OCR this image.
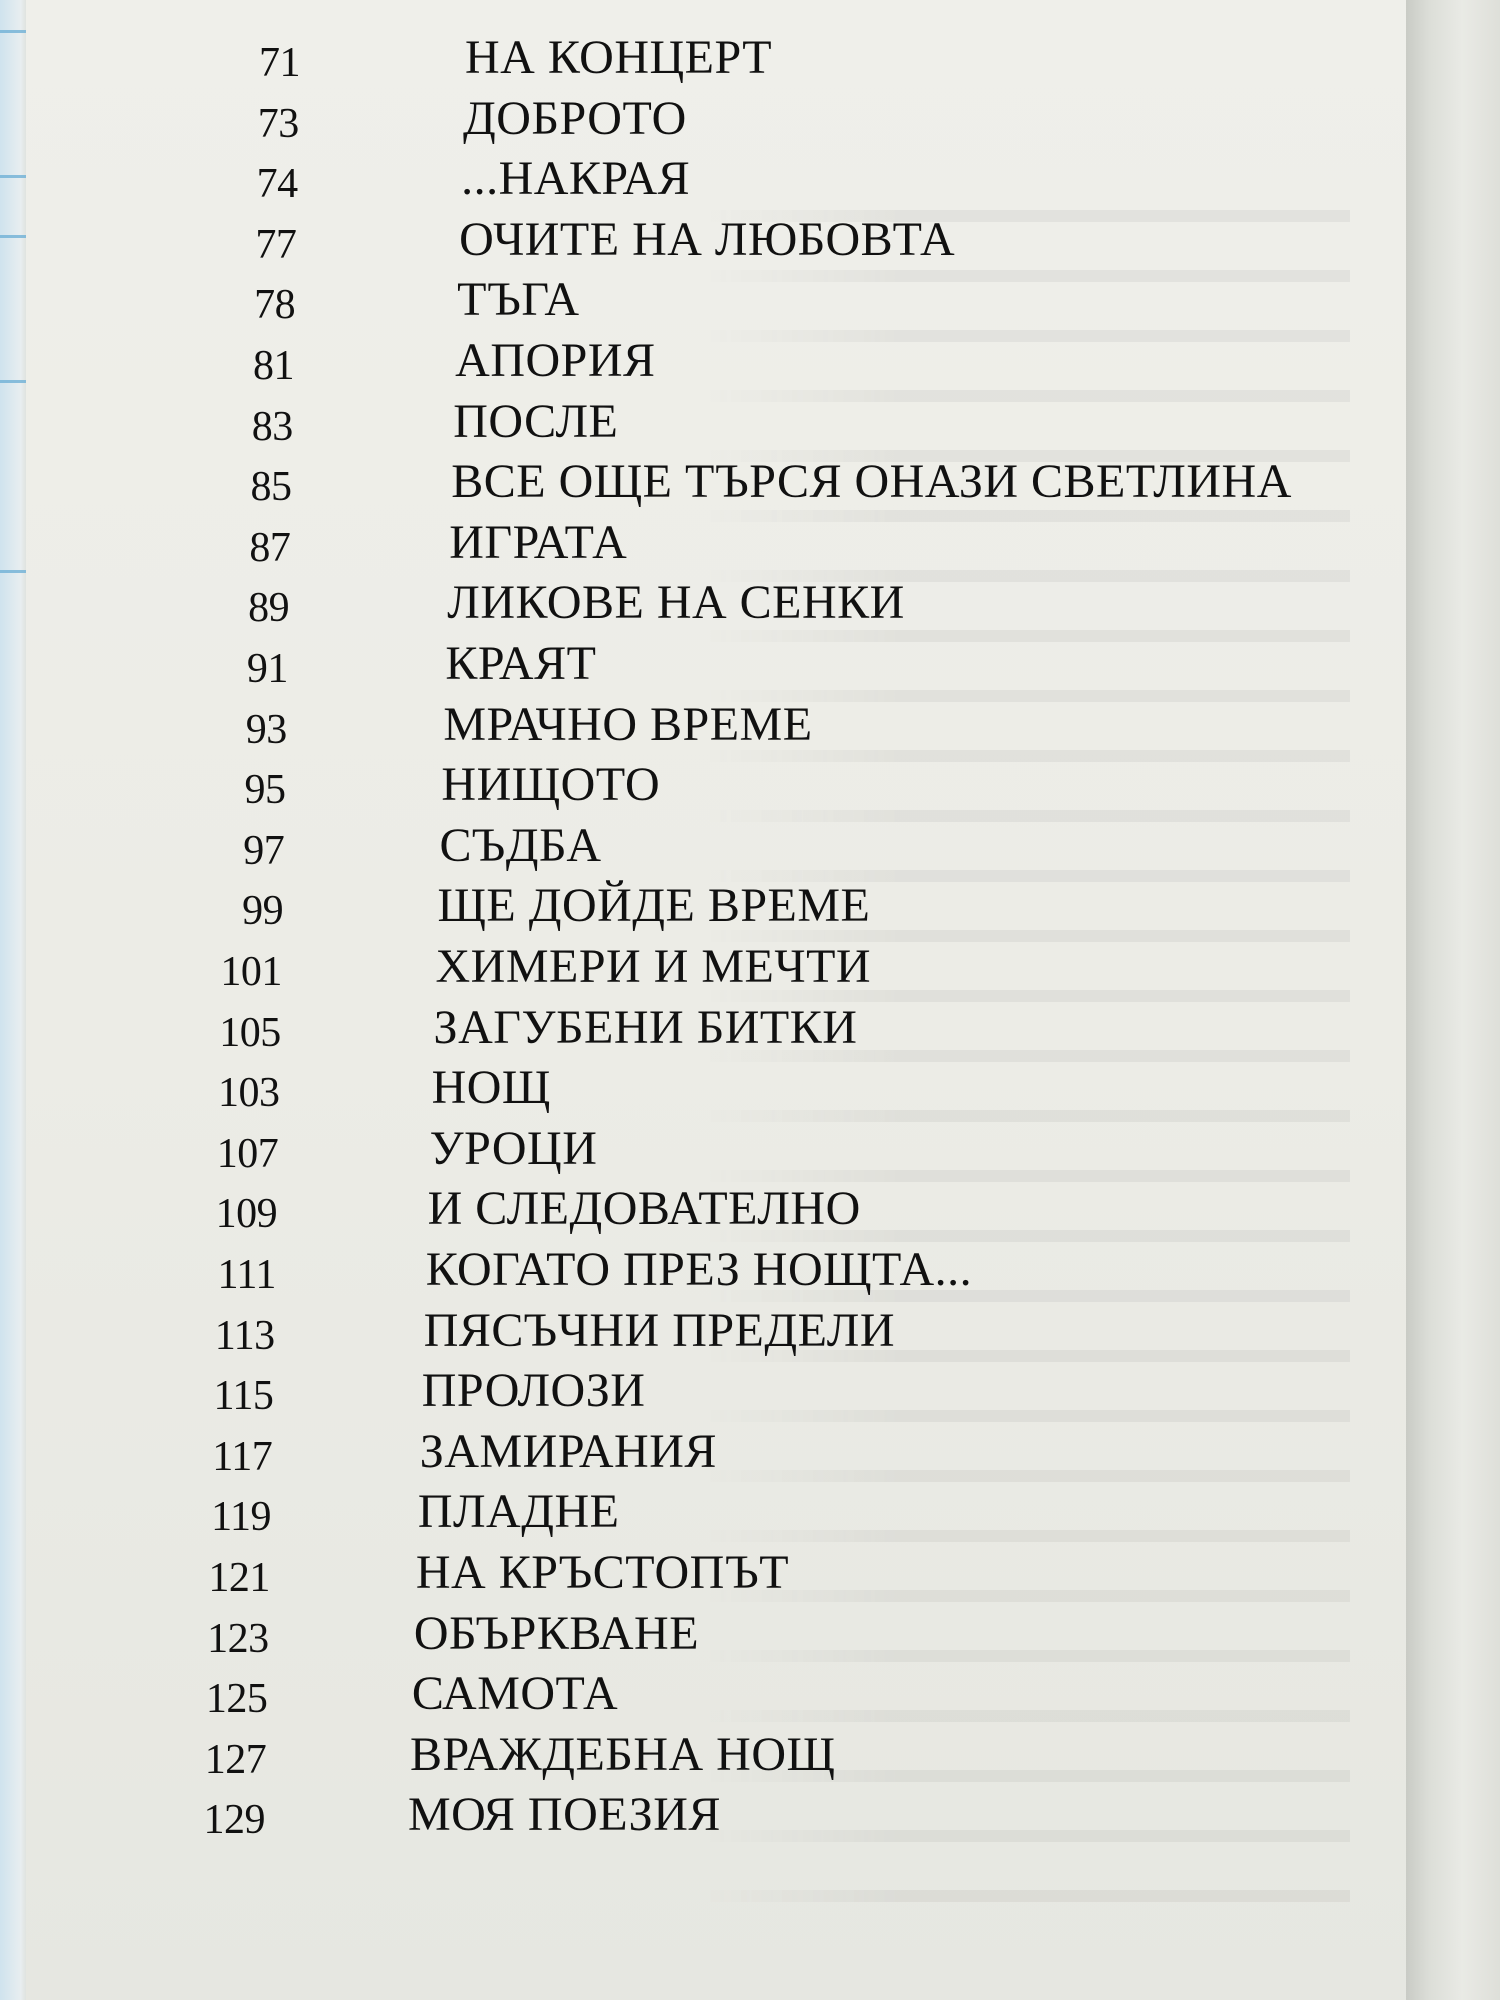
71	НА КОНЦЕРТ
73	ДОБРОТО
74	...НАКРАЯ
77	ОЧИТЕ НА ЛЮБОВТА
78	ТЪГА
81	АПОРИЯ
83	ПОСЛЕ
85	ВСЕ ОЩЕ ТЪРСЯ ОНАЗИ СВЕТЛИНА
87	ИГРАТА
89	ЛИКОВЕ НА СЕНКИ
91	КРАЯТ
93	МРАЧНО ВРЕМЕ
95	НИЩОТО
97	СЪДБА
99	ЩЕ ДОЙДЕ ВРЕМЕ
101	ХИМЕРИ И МЕЧТИ
105	ЗАГУБЕНИ БИТКИ
103	НОЩ
107	УРОЦИ
109	И СЛЕДОВАТЕЛНО
111	КОГАТО ПРЕЗ НОЩТА...
113	ПЯСЪЧНИ ПРЕДЕЛИ
115	ПРОЛОЗИ
117	ЗАМИРАНИЯ
119	ПЛАДНЕ
121	НА КРЪСТОПЪТ
123	ОБЪРКВАНЕ
125	САМОТА
127	ВРАЖДЕБНА НОЩ
129	МОЯ ПОЕЗИЯ
